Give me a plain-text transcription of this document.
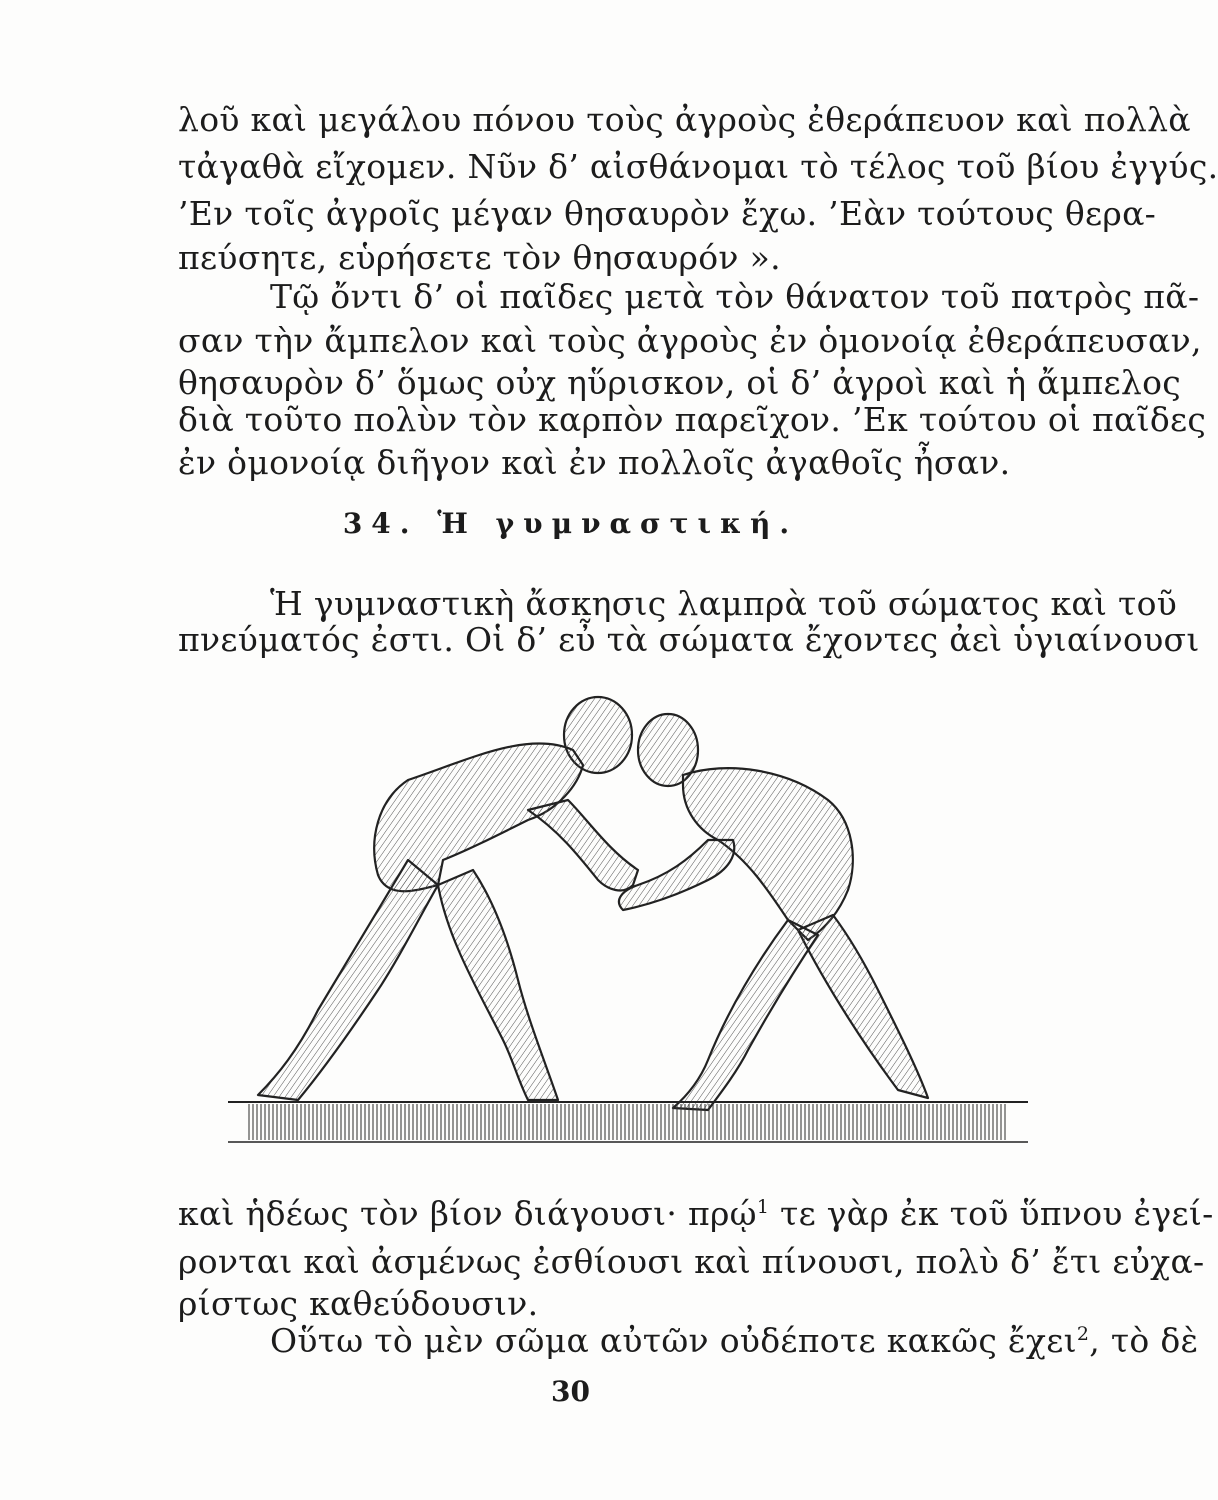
λοῦ καὶ μεγάλου πόνου τοὺς ἀγροὺς ἐθεράπευον καὶ πολλὰ
τἀγαθὰ εἴχομεν. Νῦν δ’ αἰσθάνομαι τὸ τέλος τοῦ βίου ἐγγύς.
’Εν τοῖς ἀγροῖς μέγαν θησαυρὸν ἔχω. ’Εὰν τούτους θερα-
πεύσητε, εὑρήσετε τὸν θησαυρόν ».
Τῷ ὄντι δ’ οἱ παῖδες μετὰ τὸν θάνατον τοῦ πατρὸς πᾶ-
σαν τὴν ἄμπελον καὶ τοὺς ἀγροὺς ἐν ὁμονοίᾳ ἐθεράπευσαν,
θησαυρὸν δ’ ὅμως οὐχ ηὕρισκον, οἱ δ’ ἀγροὶ καὶ ἡ ἄμπελος
διὰ τοῦτο πολὺν τὸν καρπὸν παρεῖχον. ’Εκ τούτου οἱ παῖδες
ἐν ὁμονοίᾳ διῆγον καὶ ἐν πολλοῖς ἀγαθοῖς ἦσαν.
34. Ἡ γυμναστική.
Ἡ γυμναστικὴ ἄσκησις λαμπρὰ τοῦ σώματος καὶ τοῦ
πνεύματός ἐστι. Οἱ δ’ εὖ τὰ σώματα ἔχοντες ἀεὶ ὑγιαίνουσι
καὶ ἡδέως τὸν βίον διάγουσι· πρῴ$^1$ τε γὰρ ἐκ τοῦ ὕπνου ἐγεί-
ρονται καὶ ἀσμένως ἐσθίουσι καὶ πίνουσι, πολὺ δ’ ἔτι εὐχα-
ρίστως καθεύδουσιν.
Οὕτω τὸ μὲν σῶμα αὐτῶν οὐδέποτε κακῶς ἔχει$^2$, τὸ δὲ
30
